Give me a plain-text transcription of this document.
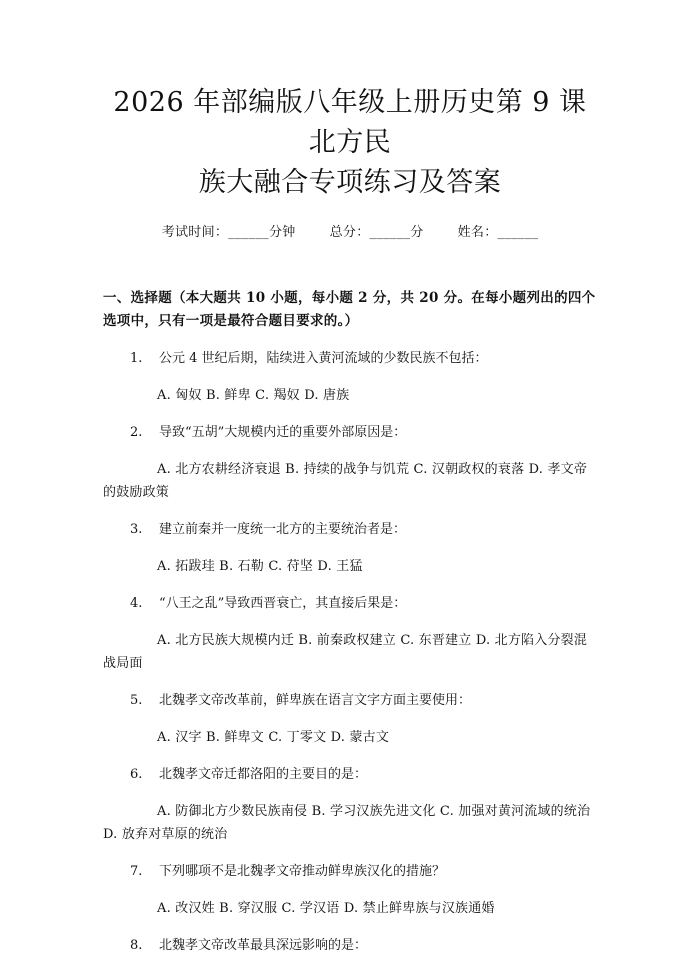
2026 年部编版八年级上册历史第 9 课北方民
族大融合专项练习及答案
考试时间：______分钟	总分：______分	姓名：______
一、选择题（本大题共 10 小题，每小题 2 分，共 20 分。在每小题列出的四个选项中，只有一项是最符合题目要求的。）
1.	公元 4 世纪后期，陆续进入黄河流域的少数民族不包括：
A. 匈奴 B. 鲜卑 C. 羯奴 D. 唐族
2.	导致“五胡”大规模内迁的重要外部原因是：
A. 北方农耕经济衰退 B. 持续的战争与饥荒 C. 汉朝政权的衰落 D. 孝文帝的鼓励政策
3.	建立前秦并一度统一北方的主要统治者是：
A. 拓跋珪 B. 石勒 C. 苻坚 D. 王猛
4.	“八王之乱”导致西晋衰亡，其直接后果是：
A. 北方民族大规模内迁 B. 前秦政权建立 C. 东晋建立 D. 北方陷入分裂混战局面
5.	北魏孝文帝改革前，鲜卑族在语言文字方面主要使用：
A. 汉字 B. 鲜卑文 C. 丁零文 D. 蒙古文
6.	北魏孝文帝迁都洛阳的主要目的是：
A. 防御北方少数民族南侵 B. 学习汉族先进文化 C. 加强对黄河流域的统治 D. 放弃对草原的统治
7.	下列哪项不是北魏孝文帝推动鲜卑族汉化的措施？
A. 改汉姓 B. 穿汉服 C. 学汉语 D. 禁止鲜卑族与汉族通婚
8.	北魏孝文帝改革最具深远影响的是：
